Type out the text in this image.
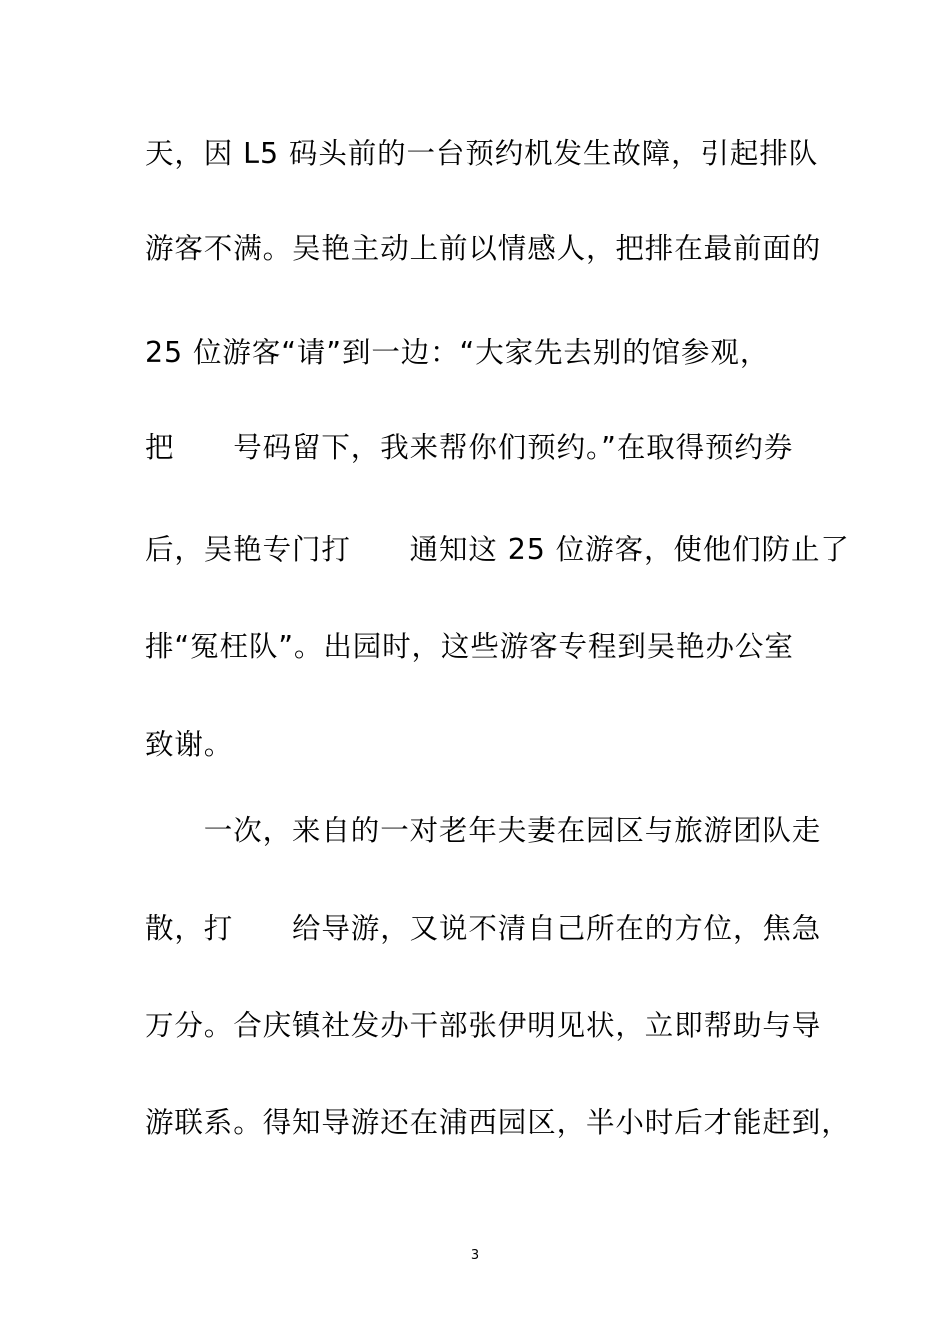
天，因 L5 码头前的一台预约机发生故障，引起排队
游客不满。吴艳主动上前以情感人，把排在最前面的
25 位游客“请”到一边：“大家先去别的馆参观，
把　　号码留下，我来帮你们预约。”在取得预约券
后，吴艳专门打　　通知这 25 位游客，使他们防止了
排“冤枉队”。出园时，这些游客专程到吴艳办公室
致谢。
　　一次，来自的一对老年夫妻在园区与旅游团队走
散，打　　给导游，又说不清自己所在的方位，焦急
万分。合庆镇社发办干部张伊明见状，立即帮助与导
游联系。得知导游还在浦西园区，半小时后才能赶到，
3
